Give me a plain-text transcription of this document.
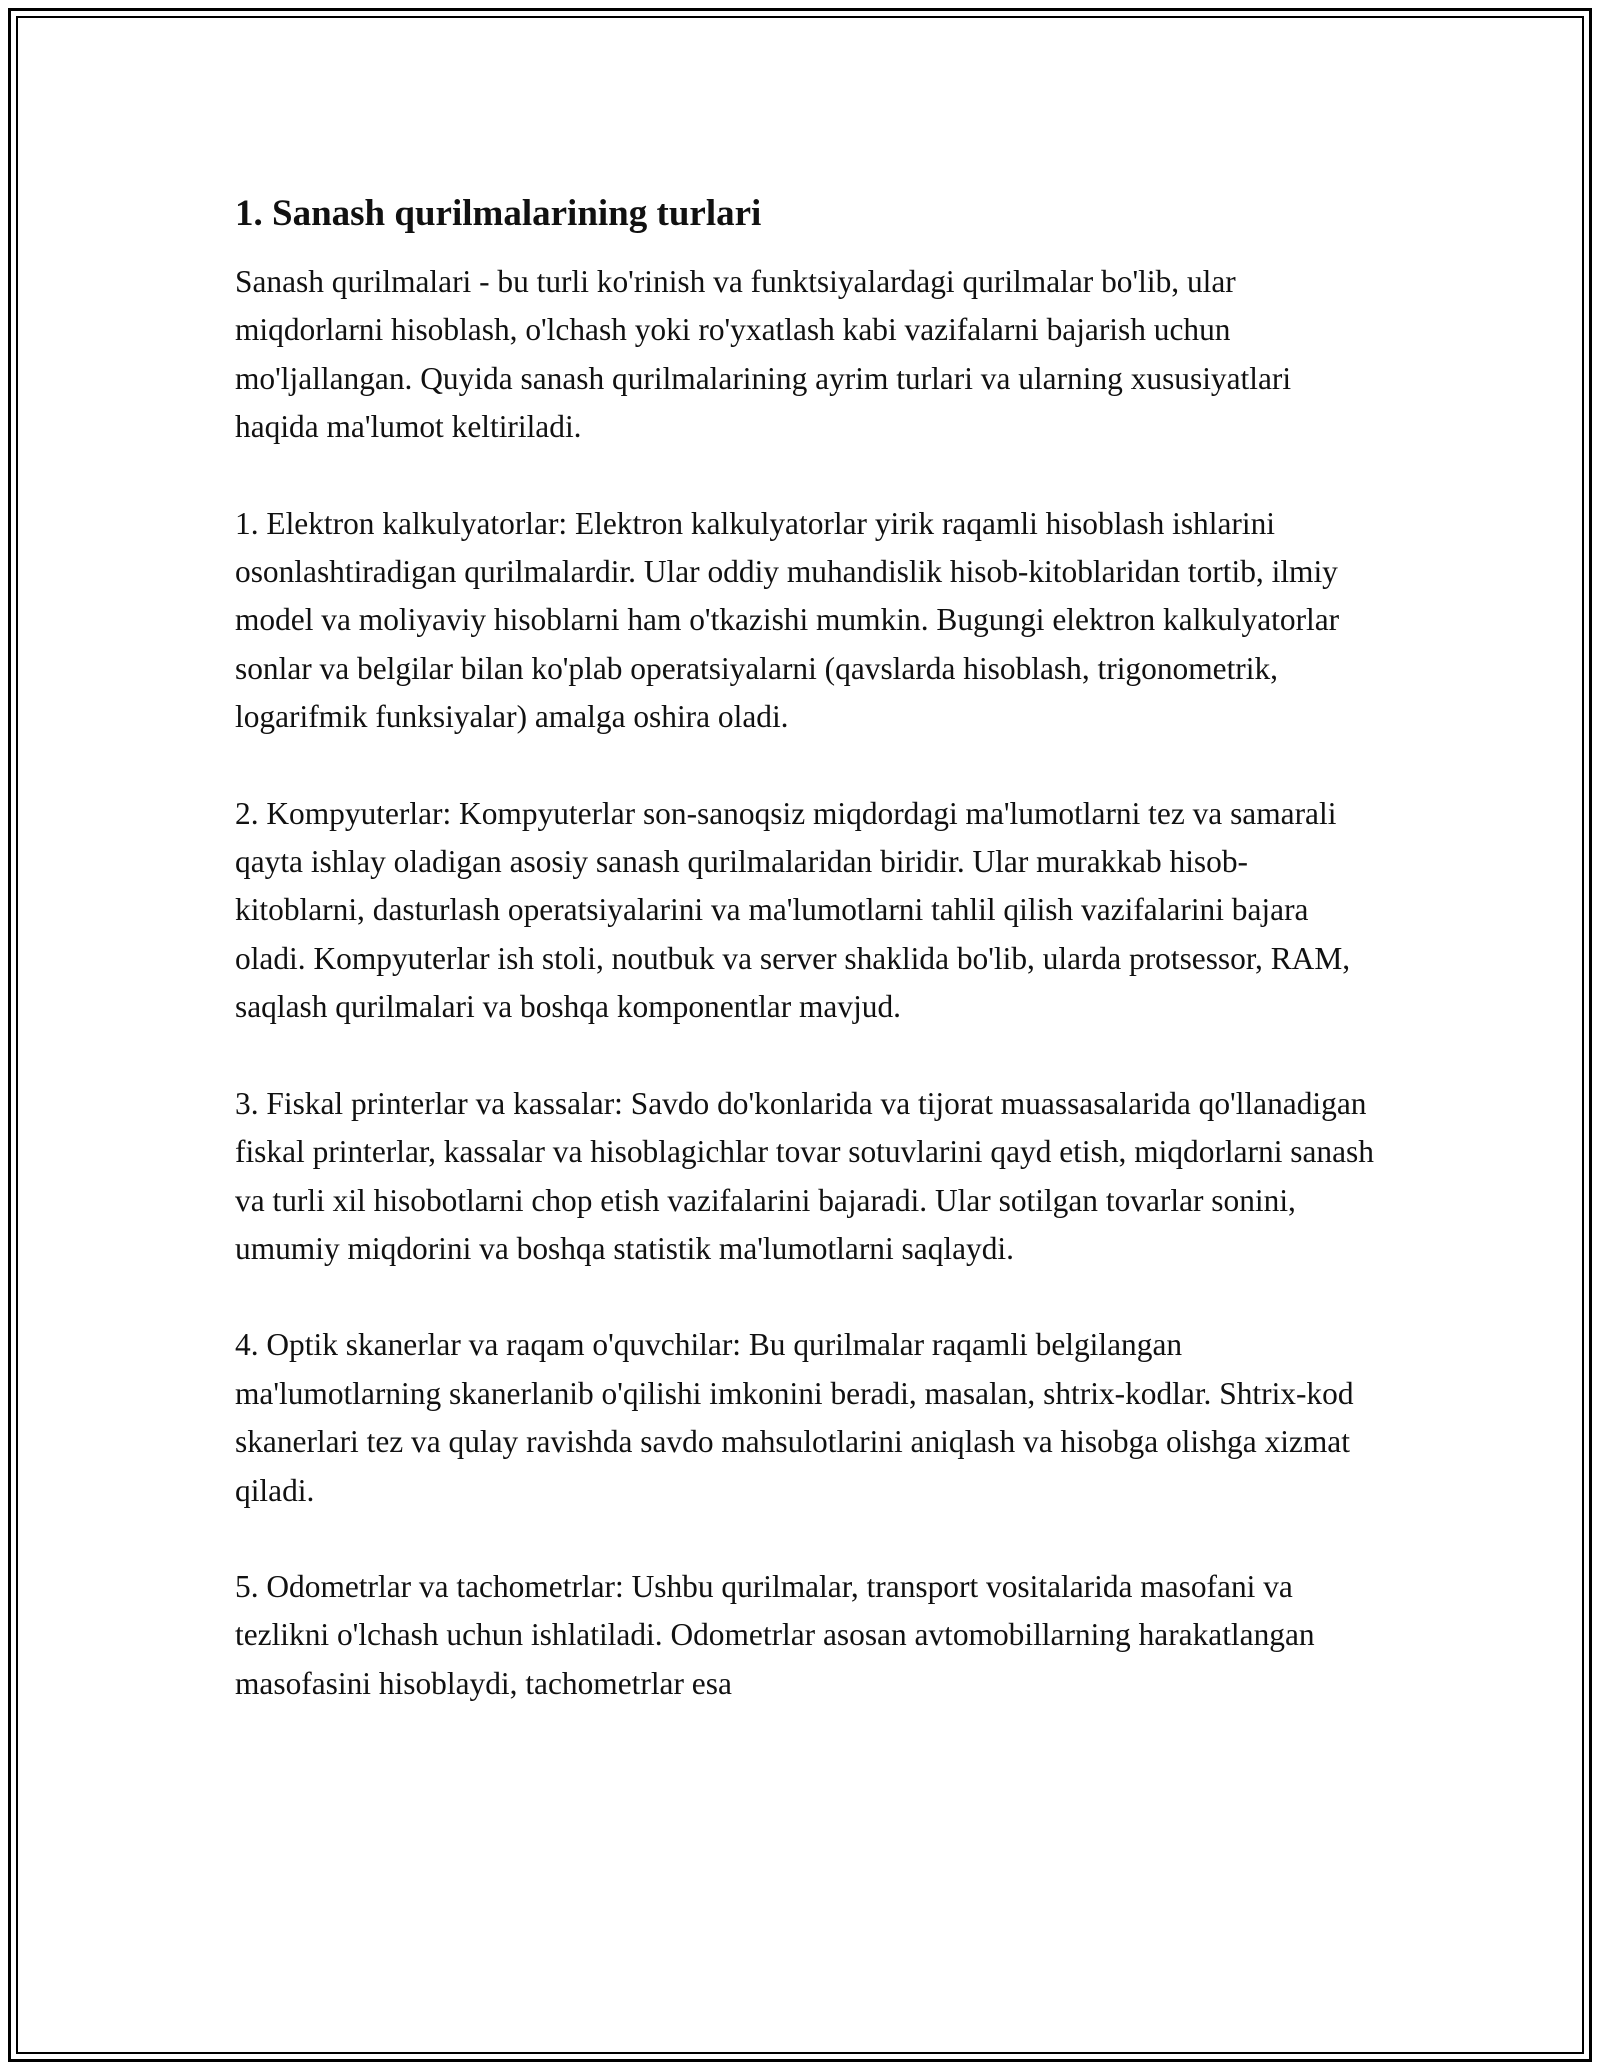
1. Sanash qurilmalarining turlari

Sanash qurilmalari - bu turli ko'rinish va funktsiyalardagi qurilmalar bo'lib, ular miqdorlarni hisoblash, o'lchash yoki ro'yxatlash kabi vazifalarni bajarish uchun mo'ljallangan. Quyida sanash qurilmalarining ayrim turlari va ularning xususiyatlari haqida ma'lumot keltiriladi.

1. Elektron kalkulyatorlar: Elektron kalkulyatorlar yirik raqamli hisoblash ishlarini osonlashtiradigan qurilmalardir. Ular oddiy muhandislik hisob-kitoblaridan tortib, ilmiy model va moliyaviy hisoblarni ham o'tkazishi mumkin. Bugungi elektron kalkulyatorlar sonlar va belgilar bilan ko'plab operatsiyalarni (qavslarda hisoblash, trigonometrik, logarifmik funksiyalar) amalga oshira oladi.

2. Kompyuterlar: Kompyuterlar son-sanoqsiz miqdordagi ma'lumotlarni tez va samarali qayta ishlay oladigan asosiy sanash qurilmalaridan biridir. Ular murakkab hisob-kitoblarni, dasturlash operatsiyalarini va ma'lumotlarni tahlil qilish vazifalarini bajara oladi. Kompyuterlar ish stoli, noutbuk va server shaklida bo'lib, ularda protsessor, RAM, saqlash qurilmalari va boshqa komponentlar mavjud.

3. Fiskal printerlar va kassalar: Savdo do'konlarida va tijorat muassasalarida qo'llanadigan fiskal printerlar, kassalar va hisoblagichlar tovar sotuvlarini qayd etish, miqdorlarni sanash va turli xil hisobotlarni chop etish vazifalarini bajaradi. Ular sotilgan tovarlar sonini, umumiy miqdorini va boshqa statistik ma'lumotlarni saqlaydi.

4. Optik skanerlar va raqam o'quvchilar: Bu qurilmalar raqamli belgilangan ma'lumotlarning skanerlanib o'qilishi imkonini beradi, masalan, shtrix-kodlar. Shtrix-kod skanerlari tez va qulay ravishda savdo mahsulotlarini aniqlash va hisobga olishga xizmat qiladi.

5. Odometrlar va tachometrlar: Ushbu qurilmalar, transport vositalarida masofani va tezlikni o'lchash uchun ishlatiladi. Odometrlar asosan avtomobillarning harakatlangan masofasini hisoblaydi, tachometrlar esa
